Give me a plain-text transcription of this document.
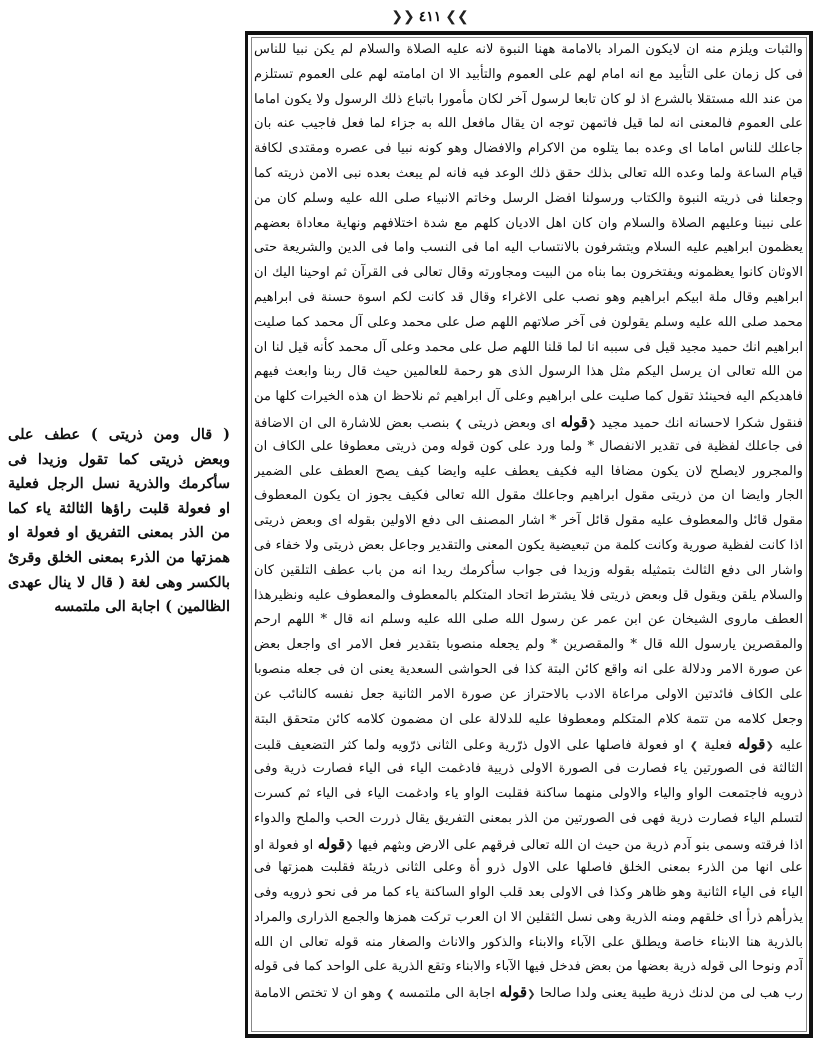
❯❯
٤١١
❮❮
والثبات ويلزم منه ان لايكون المراد بالامامة ههنا النبوة لانه عليه الصلاة والسلام لم يكن نبيا للناس
فى كل زمان على التأبيد مع انه امام لهم على العموم والتأبيد الا ان امامته لهم على العموم تستلزم
من عند الله مستقلا بالشرع اذ لو كان تابعا لرسول آخر لكان مأمورا باتباع ذلك الرسول ولا يكون اماما
على العموم فالمعنى انه لما قيل فاتمهن توجه ان يقال مافعل الله به جزاء لما فعل فاجيب عنه بان
جاعلك للناس اماما اى وعده بما يتلوه من الاكرام والافضال وهو كونه نبيا فى عصره ومقتدى لكافة
قيام الساعة ولما وعده الله تعالى بذلك حقق ذلك الوعد فيه فانه لم يبعث بعده نبى الامن ذريته كما
وجعلنا فى ذريته النبوة والكتاب ورسولنا افضل الرسل وخاتم الانبياء صلى الله عليه وسلم كان من
على نبينا وعليهم الصلاة والسلام وان كان اهل الاديان كلهم مع شدة اختلافهم ونهاية معاداة بعضهم
يعظمون ابراهيم عليه السلام ويتشرفون بالانتساب اليه اما فى النسب واما فى الدين والشريعة حتى
الاوثان كانوا يعظمونه ويفتخرون بما بناه من البيت ومجاورته وقال تعالى فى القرآن ثم اوحينا اليك ان
ابراهيم وقال ملة ابيكم ابراهيم وهو نصب على الاغراء وقال قد كانت لكم اسوة حسنة فى ابراهيم
محمد صلى الله عليه وسلم يقولون فى آخر صلاتهم اللهم صل على محمد وعلى آل محمد كما صليت
ابراهيم انك حميد مجيد قيل فى سببه انا لما قلنا اللهم صل على محمد وعلى آل محمد كأنه قيل لنا ان
من الله تعالى ان يرسل اليكم مثل هذا الرسول الذى هو رحمة للعالمين حيث قال ربنا وابعث فيهم
فاهديكم اليه فحينئذ تقول كما صليت على ابراهيم وعلى آل ابراهيم ثم نلاحظ ان هذه الخيرات كلها من
فنقول شكرا لاحسانه انك حميد مجيد ❮قوله اى وبعض ذريتى ❯ بنصب بعض للاشارة الى ان الاضافة
فى جاعلك لفظية فى تقدير الانفصال * ولما ورد على كون قوله ومن ذريتى معطوفا على الكاف ان
والمجرور لايصلح لان يكون مضافا اليه فكيف يعطف عليه وايضا كيف يصح العطف على الضمير
الجار وايضا ان من ذريتى مقول ابراهيم وجاعلك مقول الله تعالى فكيف يجوز ان يكون المعطوف
مقول قائل والمعطوف عليه مقول قائل آخر * اشار المصنف الى دفع الاولين بقوله اى وبعض ذريتى
اذا كانت لفظية صورية وكانت كلمة من تبعيضية يكون المعنى والتقدير وجاعل بعض ذريتى ولا خفاء فى
واشار الى دفع الثالث بتمثيله بقوله وزيدا فى جواب سأكرمك ريدا انه من باب عطف التلقين كان
والسلام يلقن ويقول قل وبعض ذريتى فلا يشترط اتحاد المتكلم بالمعطوف والمعطوف عليه ونظيرهذا
العطف ماروى الشيخان عن ابن عمر عن رسول الله صلى الله عليه وسلم انه قال * اللهم ارحم
والمقصرين يارسول الله قال * والمقصرين * ولم يجعله منصوبا بتقدير فعل الامر اى واجعل بعض
عن صورة الامر ودلالة على انه واقع كائن البتة كذا فى الحواشى السعدية يعنى ان فى جعله منصوبا
على الكاف فائدتين الاولى مراعاة الادب بالاحتراز عن صورة الامر الثانية جعل نفسه كالنائب عن
وجعل كلامه من تتمة كلام المتكلم ومعطوفا عليه للدلالة على ان مضمون كلامه كائن متحقق البتة
عليه ❮قوله فعلية ❯ او فعولة فاصلها على الاول ذرّرية وعلى الثانى ذرّويه ولما كثر التضعيف قلبت
الثالثة فى الصورتين ياء فصارت فى الصورة الاولى ذريية فادغمت الياء فى الياء فصارت ذرية وفى
ذرويه فاجتمعت الواو والياء والاولى منهما ساكنة فقلبت الواو ياء وادغمت الياء فى الياء ثم كسرت
لتسلم الياء فصارت ذرية فهى فى الصورتين من الذر بمعنى التفريق يقال ذررت الحب والملح والدواء
اذا فرقته وسمى بنو آدم ذرية من حيث ان الله تعالى فرقهم على الارض وبثهم فيها ❮قوله او فعولة او
على انها من الذرء بمعنى الخلق فاصلها على الاول ذرو أة وعلى الثانى ذريئة فقلبت همزتها فى
الياء فى الياء الثانية وهو ظاهر وكذا فى الاولى بعد قلب الواو الساكنة ياء كما مر فى نحو ذرويه وفى
يذرأهم ذرأ اى خلقهم ومنه الذرية وهى نسل الثقلين الا ان العرب تركت همزها والجمع الذرارى والمراد
بالذرية هنا الابناء خاصة ويطلق على الآباء والابناء والذكور والاناث والصغار منه قوله تعالى ان الله
آدم ونوحا الى قوله ذرية بعضها من بعض فدخل فيها الآباء والابناء وتقع الذرية على الواحد كما فى قوله
رب هب لى من لدنك ذرية طيبة يعنى ولدا صالحا ❮قوله اجابة الى ملتمسه ❯ وهو ان لا تختص الامامة
( قال ومن ذريتى ) عطف على
وبعض ذريتى كما تقول وزيدا فى
سأكرمك والذرية نسل الرجل فعلية
او فعولة قلبت راؤها الثالثة ياء كما
من الذر بمعنى التفريق او فعولة او
همزتها من الذرء بمعنى الخلق وقرئ
بالكسر وهى لغة ( قال لا ينال عهدى
الظالمين ) اجابة الى ملتمسه
